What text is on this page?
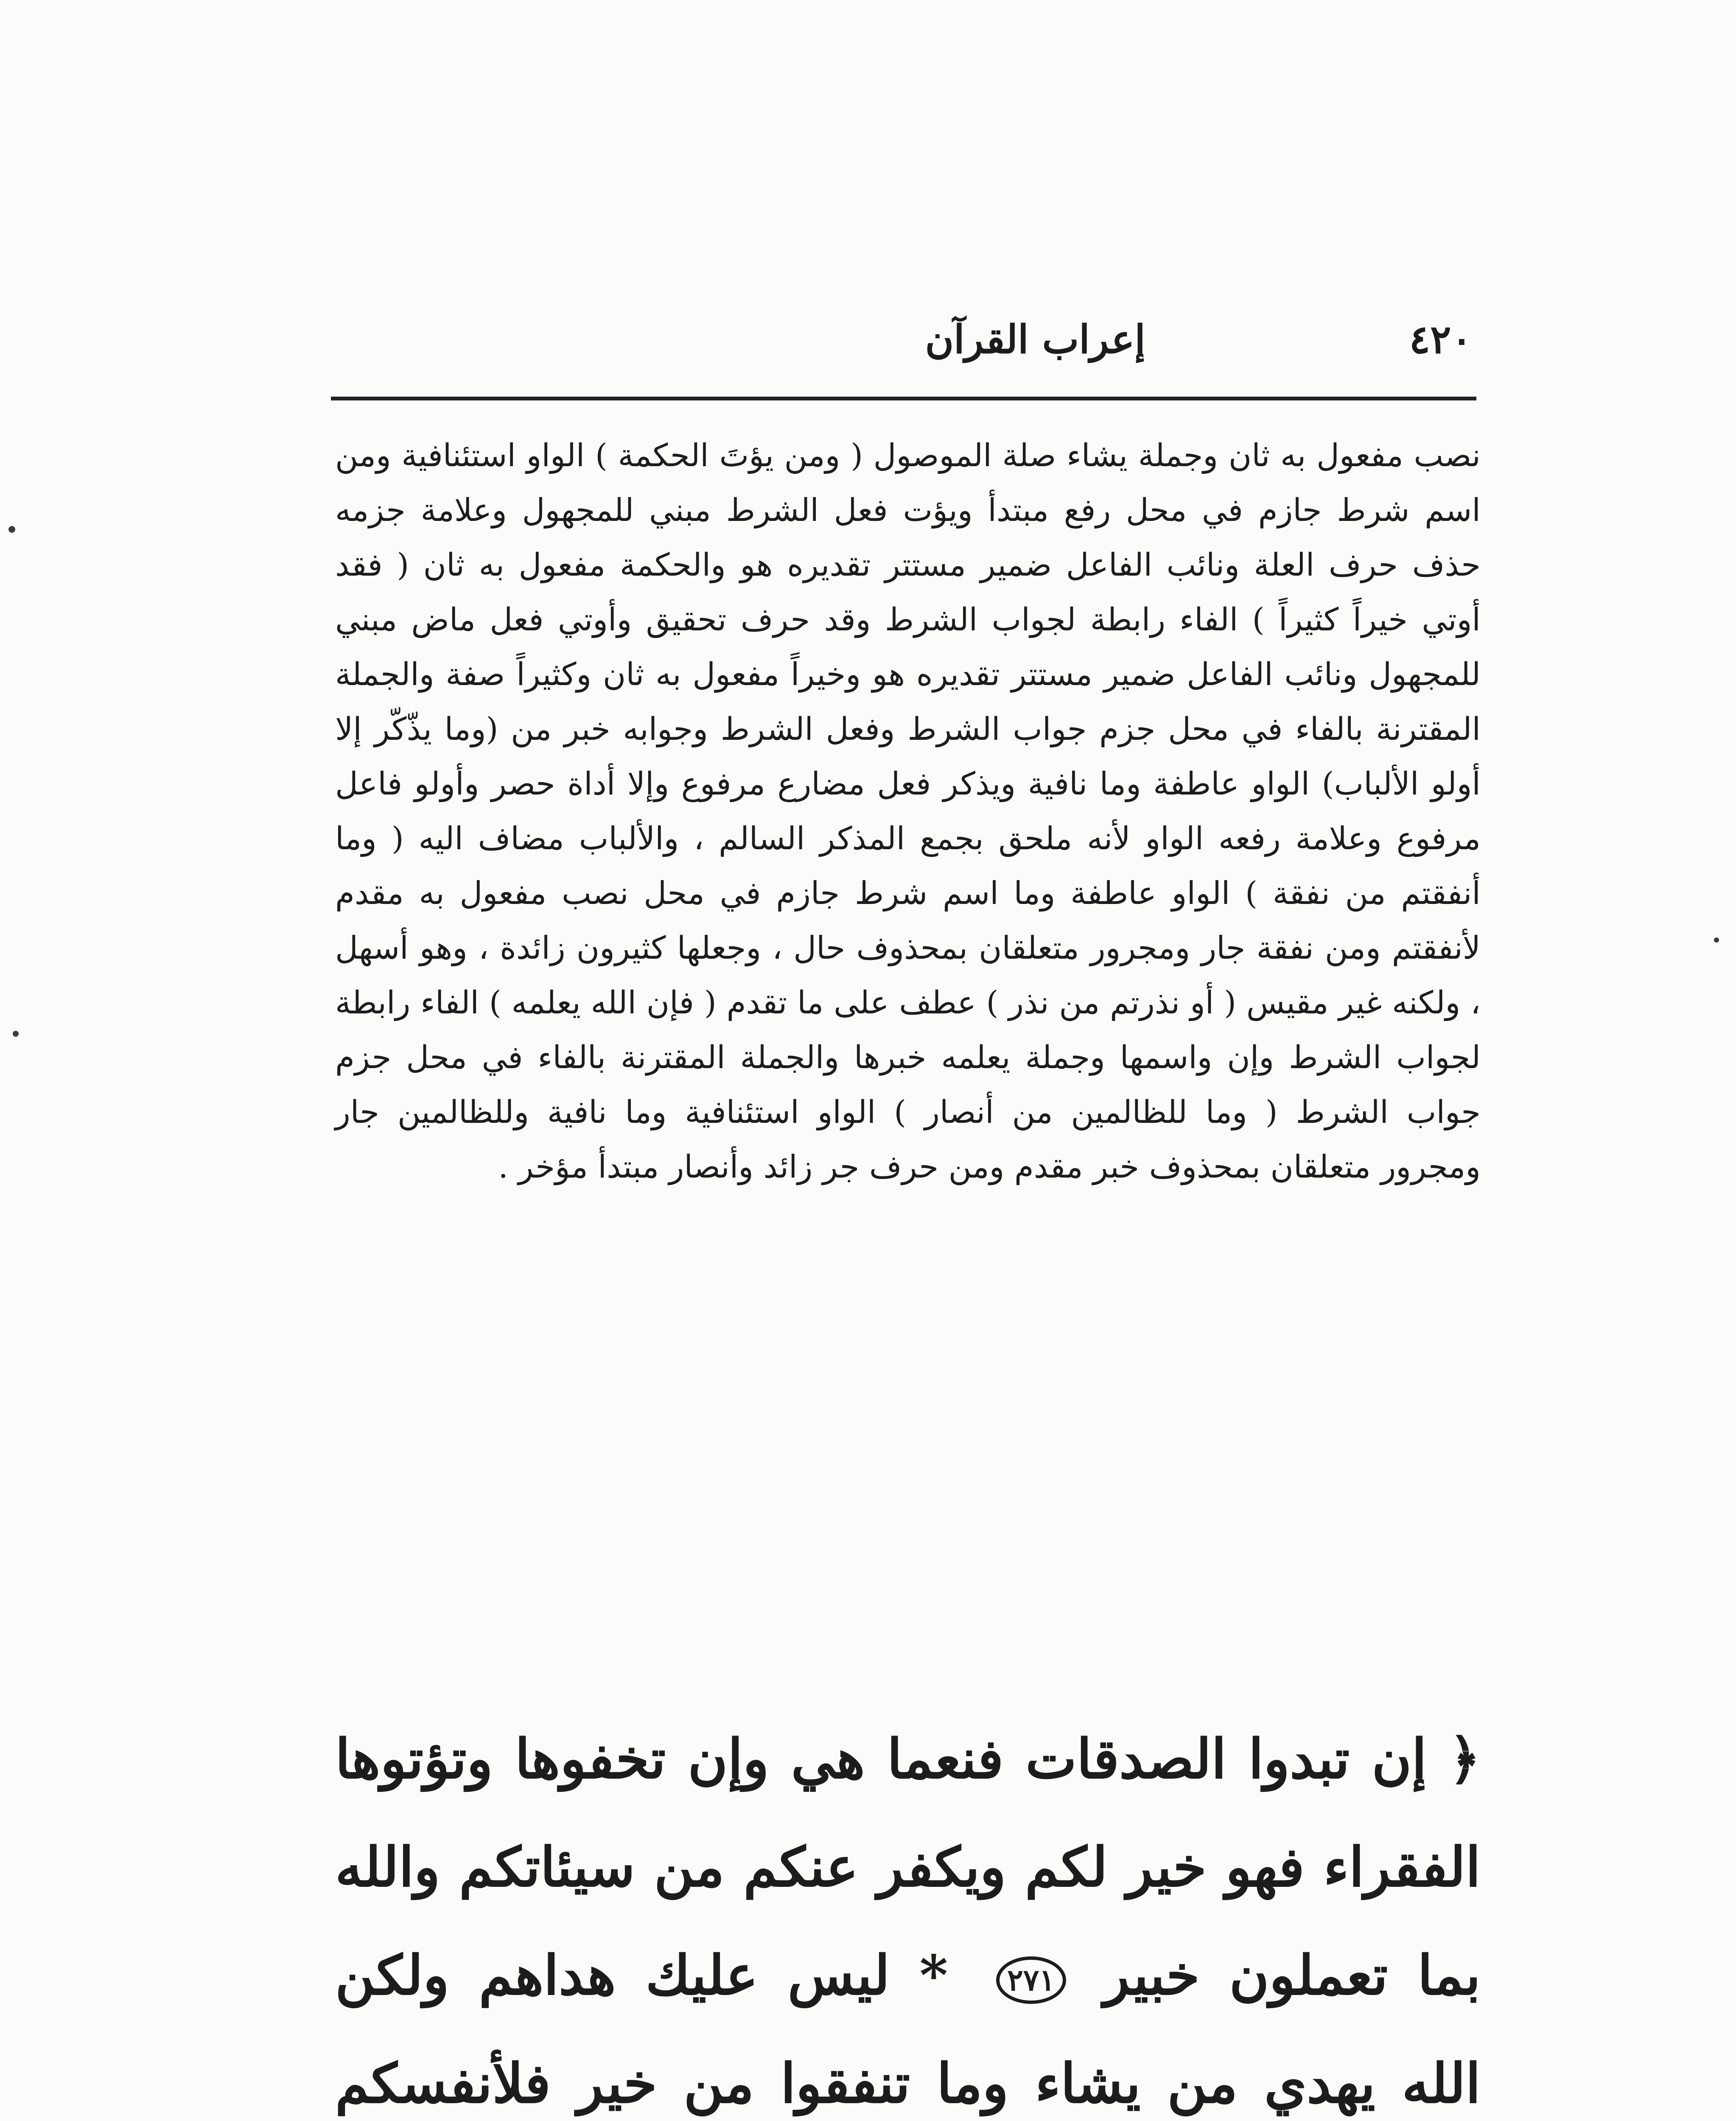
٤٢٠
إعراب القرآن

نصب مفعول به ثان وجملة يشاء صلة الموصول ( ومن يؤتَ الحكمة ) الواو استئنافية ومن اسم شرط جازم في محل رفع مبتدأ ويؤت فعل الشرط مبني للمجهول وعلامة جزمه حذف حرف العلة ونائب الفاعل ضمير مستتر تقديره هو والحكمة مفعول به ثان ( فقد أوتي خيراً كثيراً ) الفاء رابطة لجواب الشرط وقد حرف تحقيق وأوتي فعل ماض مبني للمجهول ونائب الفاعل ضمير مستتر تقديره هو وخيراً مفعول به ثان وكثيراً صفة والجملة المقترنة بالفاء في محل جزم جواب الشرط وفعل الشرط وجوابه خبر من (وما يذّكّر إلا أولو الألباب) الواو عاطفة وما نافية ويذكر فعل مضارع مرفوع وإلا أداة حصر وأولو فاعل مرفوع وعلامة رفعه الواو لأنه ملحق بجمع المذكر السالم ، والألباب مضاف اليه ( وما أنفقتم من نفقة ) الواو عاطفة وما اسم شرط جازم في محل نصب مفعول به مقدم لأنفقتم ومن نفقة جار ومجرور متعلقان بمحذوف حال ، وجعلها كثيرون زائدة ، وهو أسهل ، ولكنه غير مقيس ( أو نذرتم من نذر ) عطف على ما تقدم ( فإن الله يعلمه ) الفاء رابطة لجواب الشرط وإن واسمها وجملة يعلمه خبرها والجملة المقترنة بالفاء في محل جزم جواب الشرط ( وما للظالمين من أنصار ) الواو استئنافية وما نافية وللظالمين جار ومجرور متعلقان بمحذوف خبر مقدم ومن حرف جر زائد وأنصار مبتدأ مؤخر .

﴿ إن تبدوا الصدقات فنعما هي وإن تخفوها وتؤتوها الفقراء فهو خير لكم ويكفر عنكم من سيئاتكم والله بما تعملون خبير ٢٧١ * ليس عليك هداهم ولكن الله يهدي من يشاء وما تنفقوا من خير فلأنفسكم
